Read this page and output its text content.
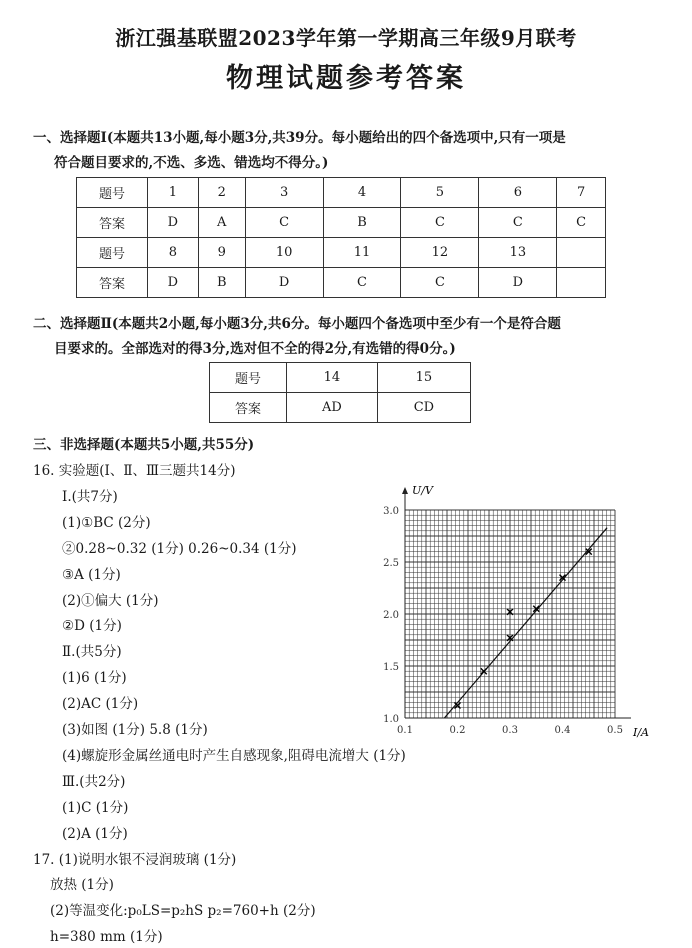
浙江强基联盟2023学年第一学期高三年级9月联考
物理试题参考答案
一、选择题Ⅰ(本题共13小题,每小题3分,共39分。每小题给出的四个备选项中,只有一项是
符合题目要求的,不选、多选、错选均不得分。)
题号	1	2	3	4	5	6	7
答案	D	A	C	B	C	C	C
题号	8	9	10	11	12	13	
答案	D	B	D	C	C	D	
二、选择题Ⅱ(本题共2小题,每小题3分,共6分。每小题四个备选项中至少有一个是符合题
目要求的。全部选对的得3分,选对但不全的得2分,有选错的得0分。)
题号	14	15
答案	AD	CD
三、非选择题(本题共5小题,共55分)
16. 实验题(Ⅰ、Ⅱ、Ⅲ三题共14分)
Ⅰ.(共7分)
(1)①BC (2分)
②0.28~0.32 (1分) 0.26~0.34 (1分)
③A (1分)
(2)①偏大 (1分)
②D (1分)
Ⅱ.(共5分)
(1)6 (1分)
(2)AC (1分)
(3)如图 (1分) 5.8 (1分)
(4)螺旋形金属丝通电时产生自感现象,阻碍电流增大 (1分)
Ⅲ.(共2分)
(1)C (1分)
(2)A (1分)
17. (1)说明水银不浸润玻璃 (1分)
放热 (1分)
(2)等温变化:p₀LS=p₂hS p₂=760+h (2分)
h=380 mm (1分)
0.1	0.2	0.3	0.4	0.5
1.0
1.5
2.0
2.5
3.0
U/V
I/A
